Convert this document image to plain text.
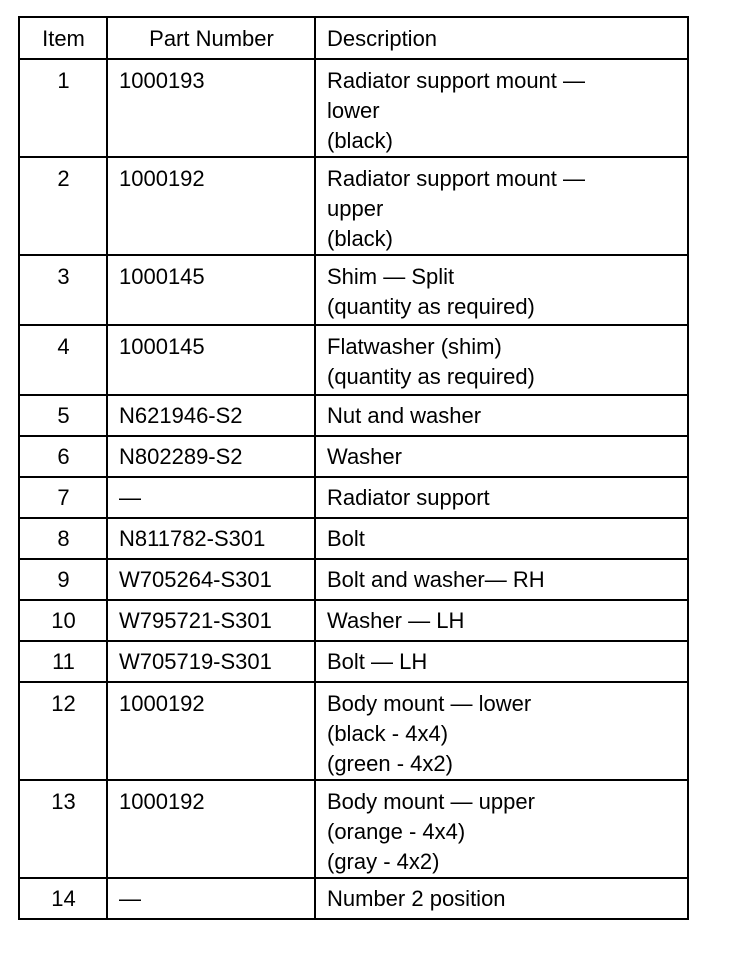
Item	Part Number	Description
1	1000193	Radiator support mount —
lower
(black)

2	1000192	Radiator support mount —
upper
(black)

3	1000145	Shim — Split
(quantity as required)

4	1000145	Flatwasher (shim)
(quantity as required)

5	N621946-S2	Nut and washer

6	N802289-S2	Washer

7	—	Radiator support

8	N811782-S301	Bolt

9	W705264-S301	Bolt and washer— RH

10	W795721-S301	Washer — LH

11	W705719-S301	Bolt — LH

12	1000192	Body mount — lower
(black - 4x4)
(green - 4x2)

13	1000192	Body mount — upper
(orange - 4x4)
(gray - 4x2)

14	—	Number 2 position
